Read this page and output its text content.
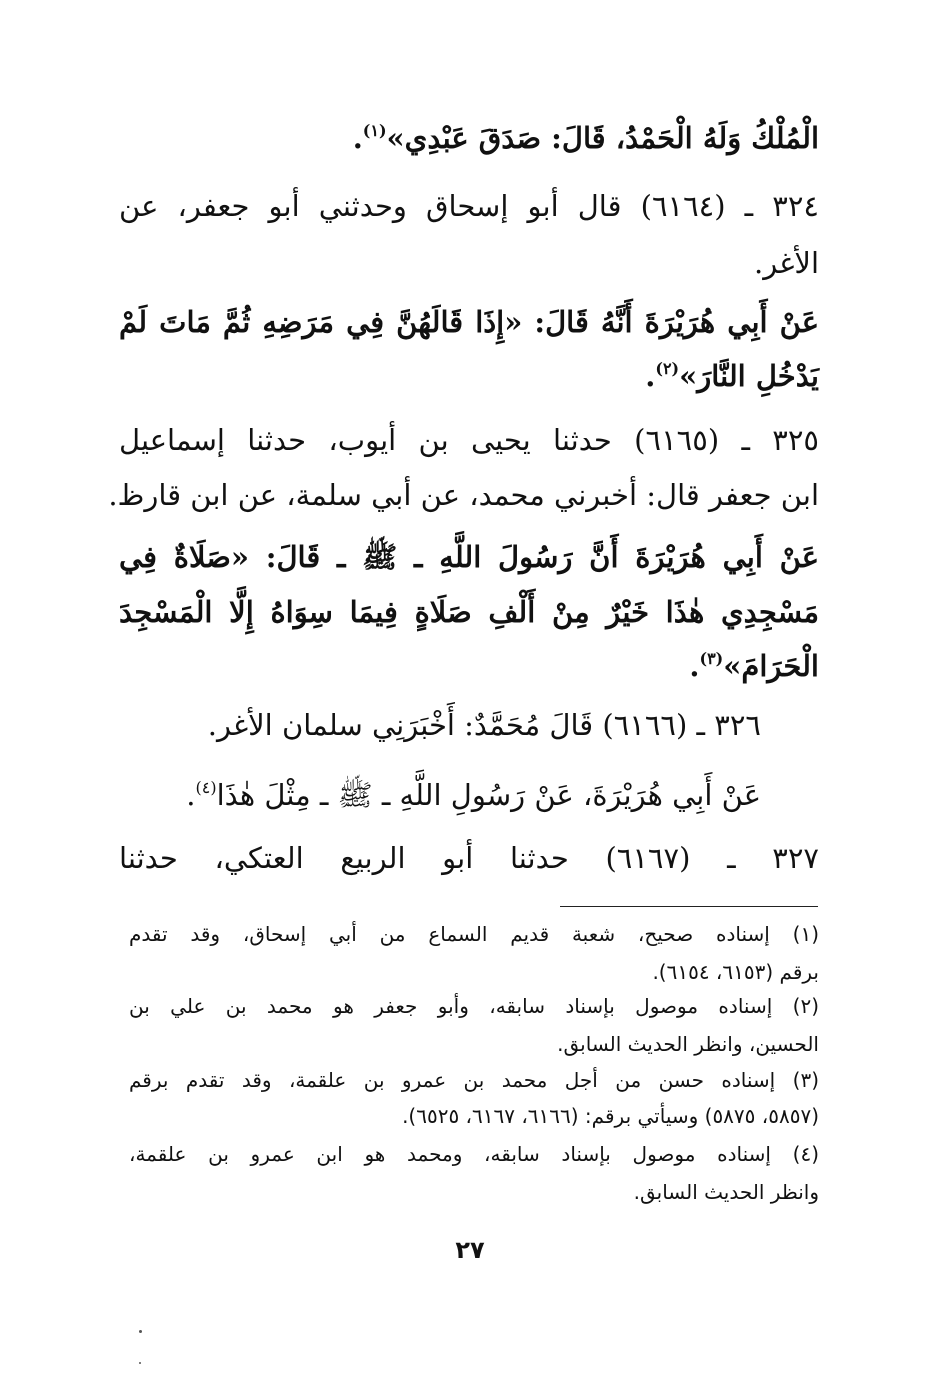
الْمُلْكُ وَلَهُ الْحَمْدُ، قَالَ: صَدَقَ عَبْدِي»$^{(١)}$.
٣٢٤ ـ (٦١٦٤) قال أبو إسحاق وحدثني أبو جعفر، عن
الأغر.
عَنْ أَبِي هُرَيْرَةَ أَنَّهُ قَالَ: «إِذَا قَالَهُنَّ فِي مَرَضِهِ ثُمَّ مَاتَ لَمْ
يَدْخُلِ النَّارَ»$^{(٢)}$.
٣٢٥ ـ (٦١٦٥) حدثنا يحيى بن أيوب، حدثنا إسماعيل
ابن جعفر قال: أخبرني محمد، عن أبي سلمة، عن ابن قارظ.
عَنْ أَبِي هُرَيْرَةَ أَنَّ رَسُولَ اللَّهِ ـ ﷺ ـ قَالَ: «صَلَاةٌ فِي
مَسْجِدِي هٰذَا خَيْرٌ مِنْ أَلْفِ صَلَاةٍ فِيمَا سِوَاهُ إِلَّا الْمَسْجِدَ
الْحَرَامَ»$^{(٣)}$.
٣٢٦ ـ (٦١٦٦) قَالَ مُحَمَّدٌ: أَخْبَرَنِي سلمان الأغر.
عَنْ أَبِي هُرَيْرَةَ، عَنْ رَسُولِ اللَّهِ ـ ﷺ ـ مِثْلَ هٰذَا$^{(٤)}$.
٣٢٧ ـ (٦١٦٧) حدثنا أبو الربيع العتكي، حدثنا
(١) إسناده صحيح، شعبة قديم السماع من أبي إسحاق، وقد تقدم
برقم (٦١٥٣، ٦١٥٤).
(٢) إسناده موصول بإسناد سابقه، وأبو جعفر هو محمد بن علي بن
الحسين، وانظر الحديث السابق.
(٣) إسناده حسن من أجل محمد بن عمرو بن علقمة، وقد تقدم برقم
(٥٨٥٧، ٥٨٧٥) وسيأتي برقم: (٦١٦٦، ٦١٦٧، ٦٥٢٥).
(٤) إسناده موصول بإسناد سابقه، ومحمد هو ابن عمرو بن علقمة،
وانظر الحديث السابق.
٢٧
